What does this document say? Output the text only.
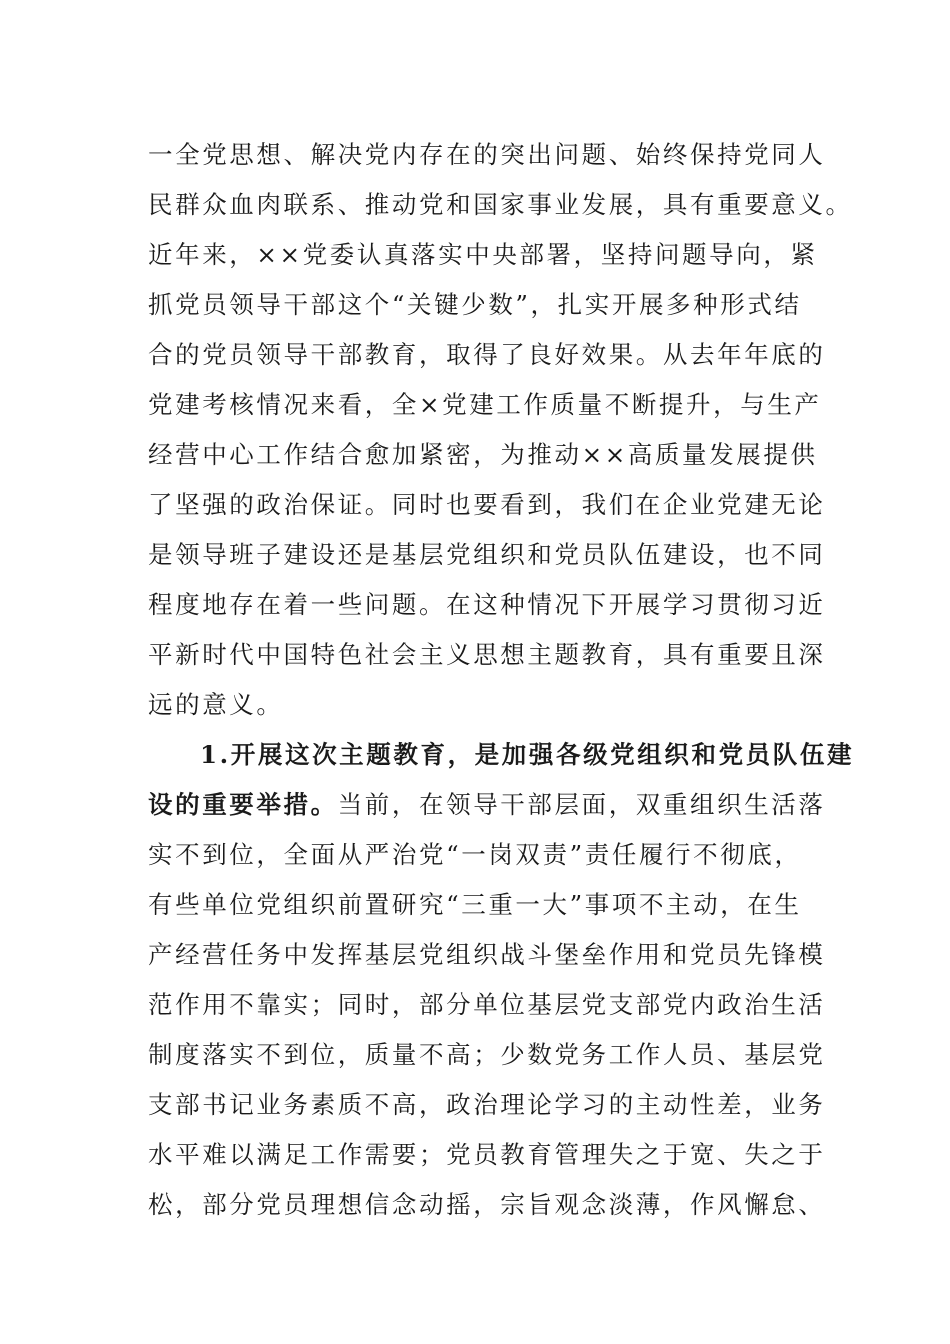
一全党思想、解决党内存在的突出问题、始终保持党同人
民群众血肉联系、推动党和国家事业发展，具有重要意义。
近年来，××党委认真落实中央部署，坚持问题导向，紧
抓党员领导干部这个“关键少数”，扎实开展多种形式结
合的党员领导干部教育，取得了良好效果。从去年年底的
党建考核情况来看，全×党建工作质量不断提升，与生产
经营中心工作结合愈加紧密，为推动××高质量发展提供
了坚强的政治保证。同时也要看到，我们在企业党建无论
是领导班子建设还是基层党组织和党员队伍建设，也不同
程度地存在着一些问题。在这种情况下开展学习贯彻习近
平新时代中国特色社会主义思想主题教育，具有重要且深
远的意义。
1.开展这次主题教育，是加强各级党组织和党员队伍建
设的重要举措。当前，在领导干部层面，双重组织生活落
实不到位，全面从严治党“一岗双责”责任履行不彻底，
有些单位党组织前置研究“三重一大”事项不主动，在生
产经营任务中发挥基层党组织战斗堡垒作用和党员先锋模
范作用不靠实；同时，部分单位基层党支部党内政治生活
制度落实不到位，质量不高；少数党务工作人员、基层党
支部书记业务素质不高，政治理论学习的主动性差，业务
水平难以满足工作需要；党员教育管理失之于宽、失之于
松，部分党员理想信念动摇，宗旨观念淡薄，作风懈怠、
